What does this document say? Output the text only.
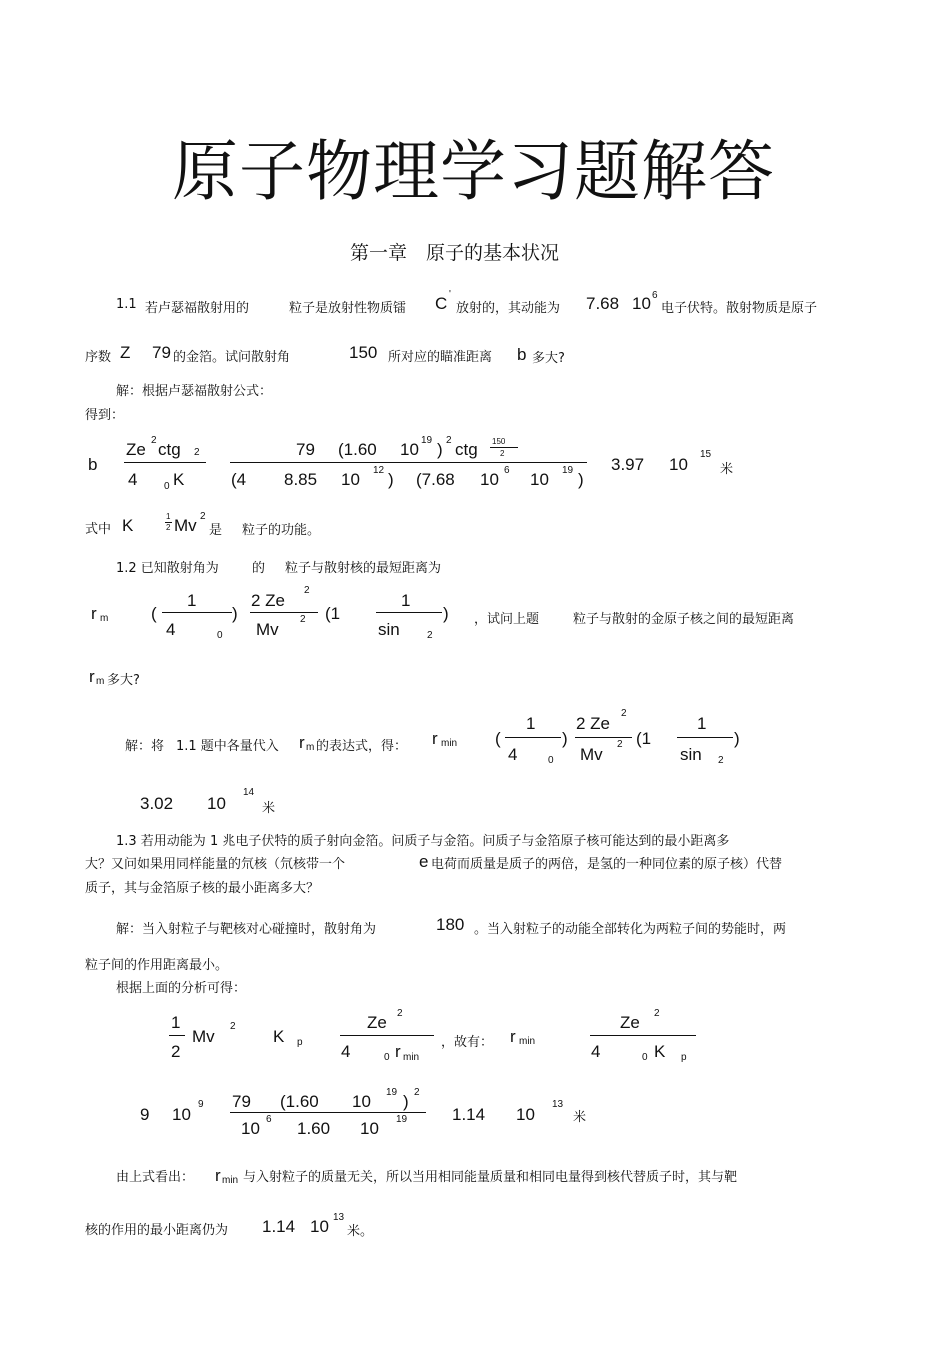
原子物理学习题解答
第一章　原子的基本状况
1.1 若卢瑟福散射用的	粒子是放射性物质镭 C '
放射的，其动能为 7.68 10 6
电子伏特。散射物质是原子
序数 Z 79 的金箔。试问散射角	150 所对应的瞄准距离 b 多大?
解：根据卢瑟福散射公式：
得到：
b
Ze 2 ctg 2
4	0 K
79 (1.60 10 19 ) 2 ctg 150
2
(4 8.85 10 12 ) (7.68 10 6 10 19 )
3.97 10
15
米
式中 K	1
2 Mv 2
是 粒子的功能。
1.2 已知散射角为	的 粒子与散射核的最短距离为
r m	(
1
4	0
)
2 Ze
2
Mv
2 (1
1
sin	2
) ，试问上题	粒子与散射的金原子核之间的最短距离
r m 多大?
解：将 1.1 题中各量代入 r m 的表达式，得： r min (
1
4	0
)
2 Ze
2
Mv
2 (1
1
sin 2
)
3.02 10
14
米
1.3 若用动能为 1 兆电子伏特的质子射向金箔。问质子与金箔。问质子与金箔原子核可能达到的最小距离多
大？又问如果用同样能量的氘核（氘核带一个	e 电荷而质量是质子的两倍，是氢的一种同位素的原子核）代替
质子，其与金箔原子核的最小距离多大？
解：当入射粒子与靶核对心碰撞时，散射角为	180 。当入射粒子的动能全部转化为两粒子间的势能时，两
粒子间的作用距离最小。
根据上面的分析可得：
1
2
Mv
2
K p
Ze 2
4	0 r min
，故有： r min
Ze 2
4	0 K p
9 10
9 79 (1.60 10 19 ) 2
10 6 1.60 10 19	1.14 10
13
米
由上式看出： r min 与入射粒子的质量无关，所以当用相同能量质量和相同电量得到核代替质子时，其与靶
核的作用的最小距离仍为 1.14 10 13
米。
